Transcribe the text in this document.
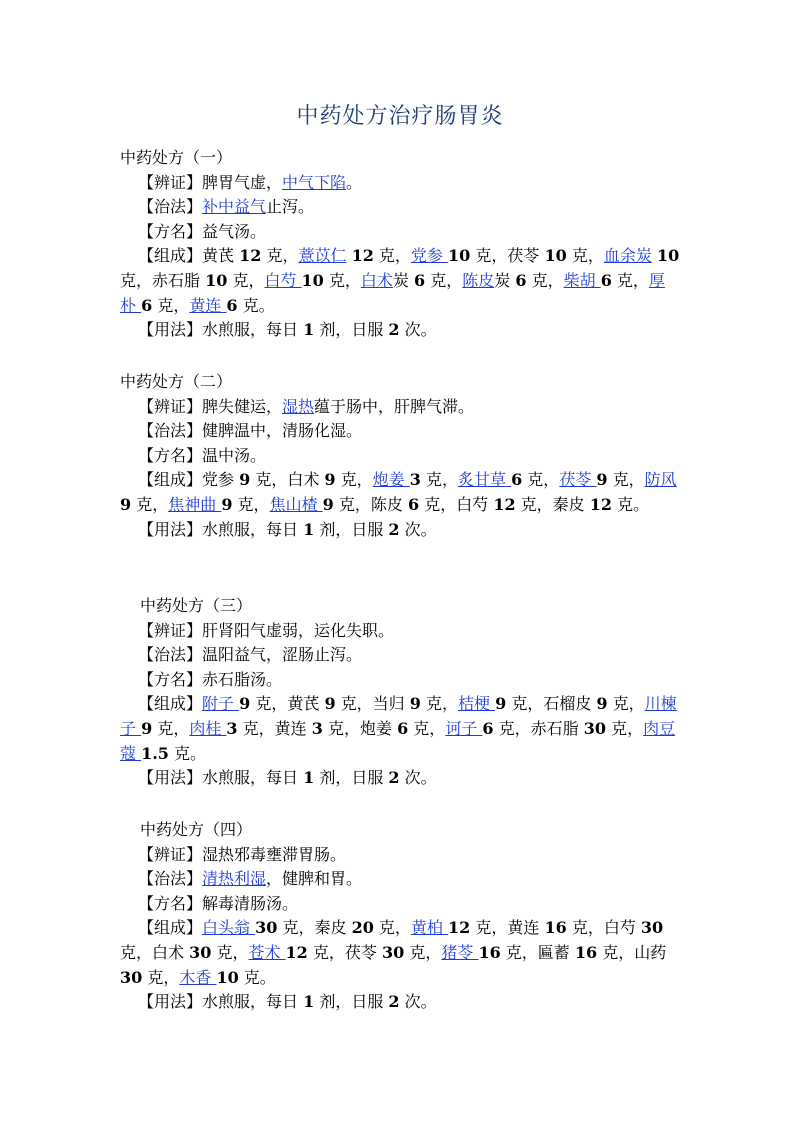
中药处方治疗肠胃炎
中药处方（一）

【辨证】脾胃气虚，中气下陷。

【治法】补中益气止泻。

【方名】益气汤。

【组成】黄芪 12 克，薏苡仁 12 克，党参 10 克，茯苓 10 克，血余炭 10 克，赤石脂 10 克，白芍 10 克，白术炭 6 克，陈皮炭 6 克，柴胡 6 克，厚朴 6 克，黄连 6 克。

【用法】水煎服，每日 1 剂，日服 2 次。

中药处方（二）

【辨证】脾失健运，湿热蕴于肠中，肝脾气滞。

【治法】健脾温中，清肠化湿。

【方名】温中汤。

【组成】党参 9 克，白术 9 克，炮姜 3 克，炙甘草 6 克，茯苓 9 克，防风 9 克，焦神曲 9 克，焦山楂 9 克，陈皮 6 克，白芍 12 克，秦皮 12 克。

【用法】水煎服，每日 1 剂，日服 2 次。

中药处方（三）

【辨证】肝肾阳气虚弱，运化失职。

【治法】温阳益气，涩肠止泻。

【方名】赤石脂汤。

【组成】附子 9 克，黄芪 9 克，当归 9 克，桔梗 9 克，石榴皮 9 克，川楝子 9 克，肉桂 3 克，黄连 3 克，炮姜 6 克，诃子 6 克，赤石脂 30 克，肉豆蔻 1.5 克。

【用法】水煎服，每日 1 剂，日服 2 次。

中药处方（四）

【辨证】湿热邪毒壅滞胃肠。

【治法】清热利湿，健脾和胃。

【方名】解毒清肠汤。

【组成】白头翁 30 克，秦皮 20 克，黄柏 12 克，黄连 16 克，白芍 30 克，白术 30 克，苍术 12 克，茯苓 30 克，猪苓 16 克，匾蓄 16 克，山药 30 克，木香 10 克。

【用法】水煎服，每日 1 剂，日服 2 次。
